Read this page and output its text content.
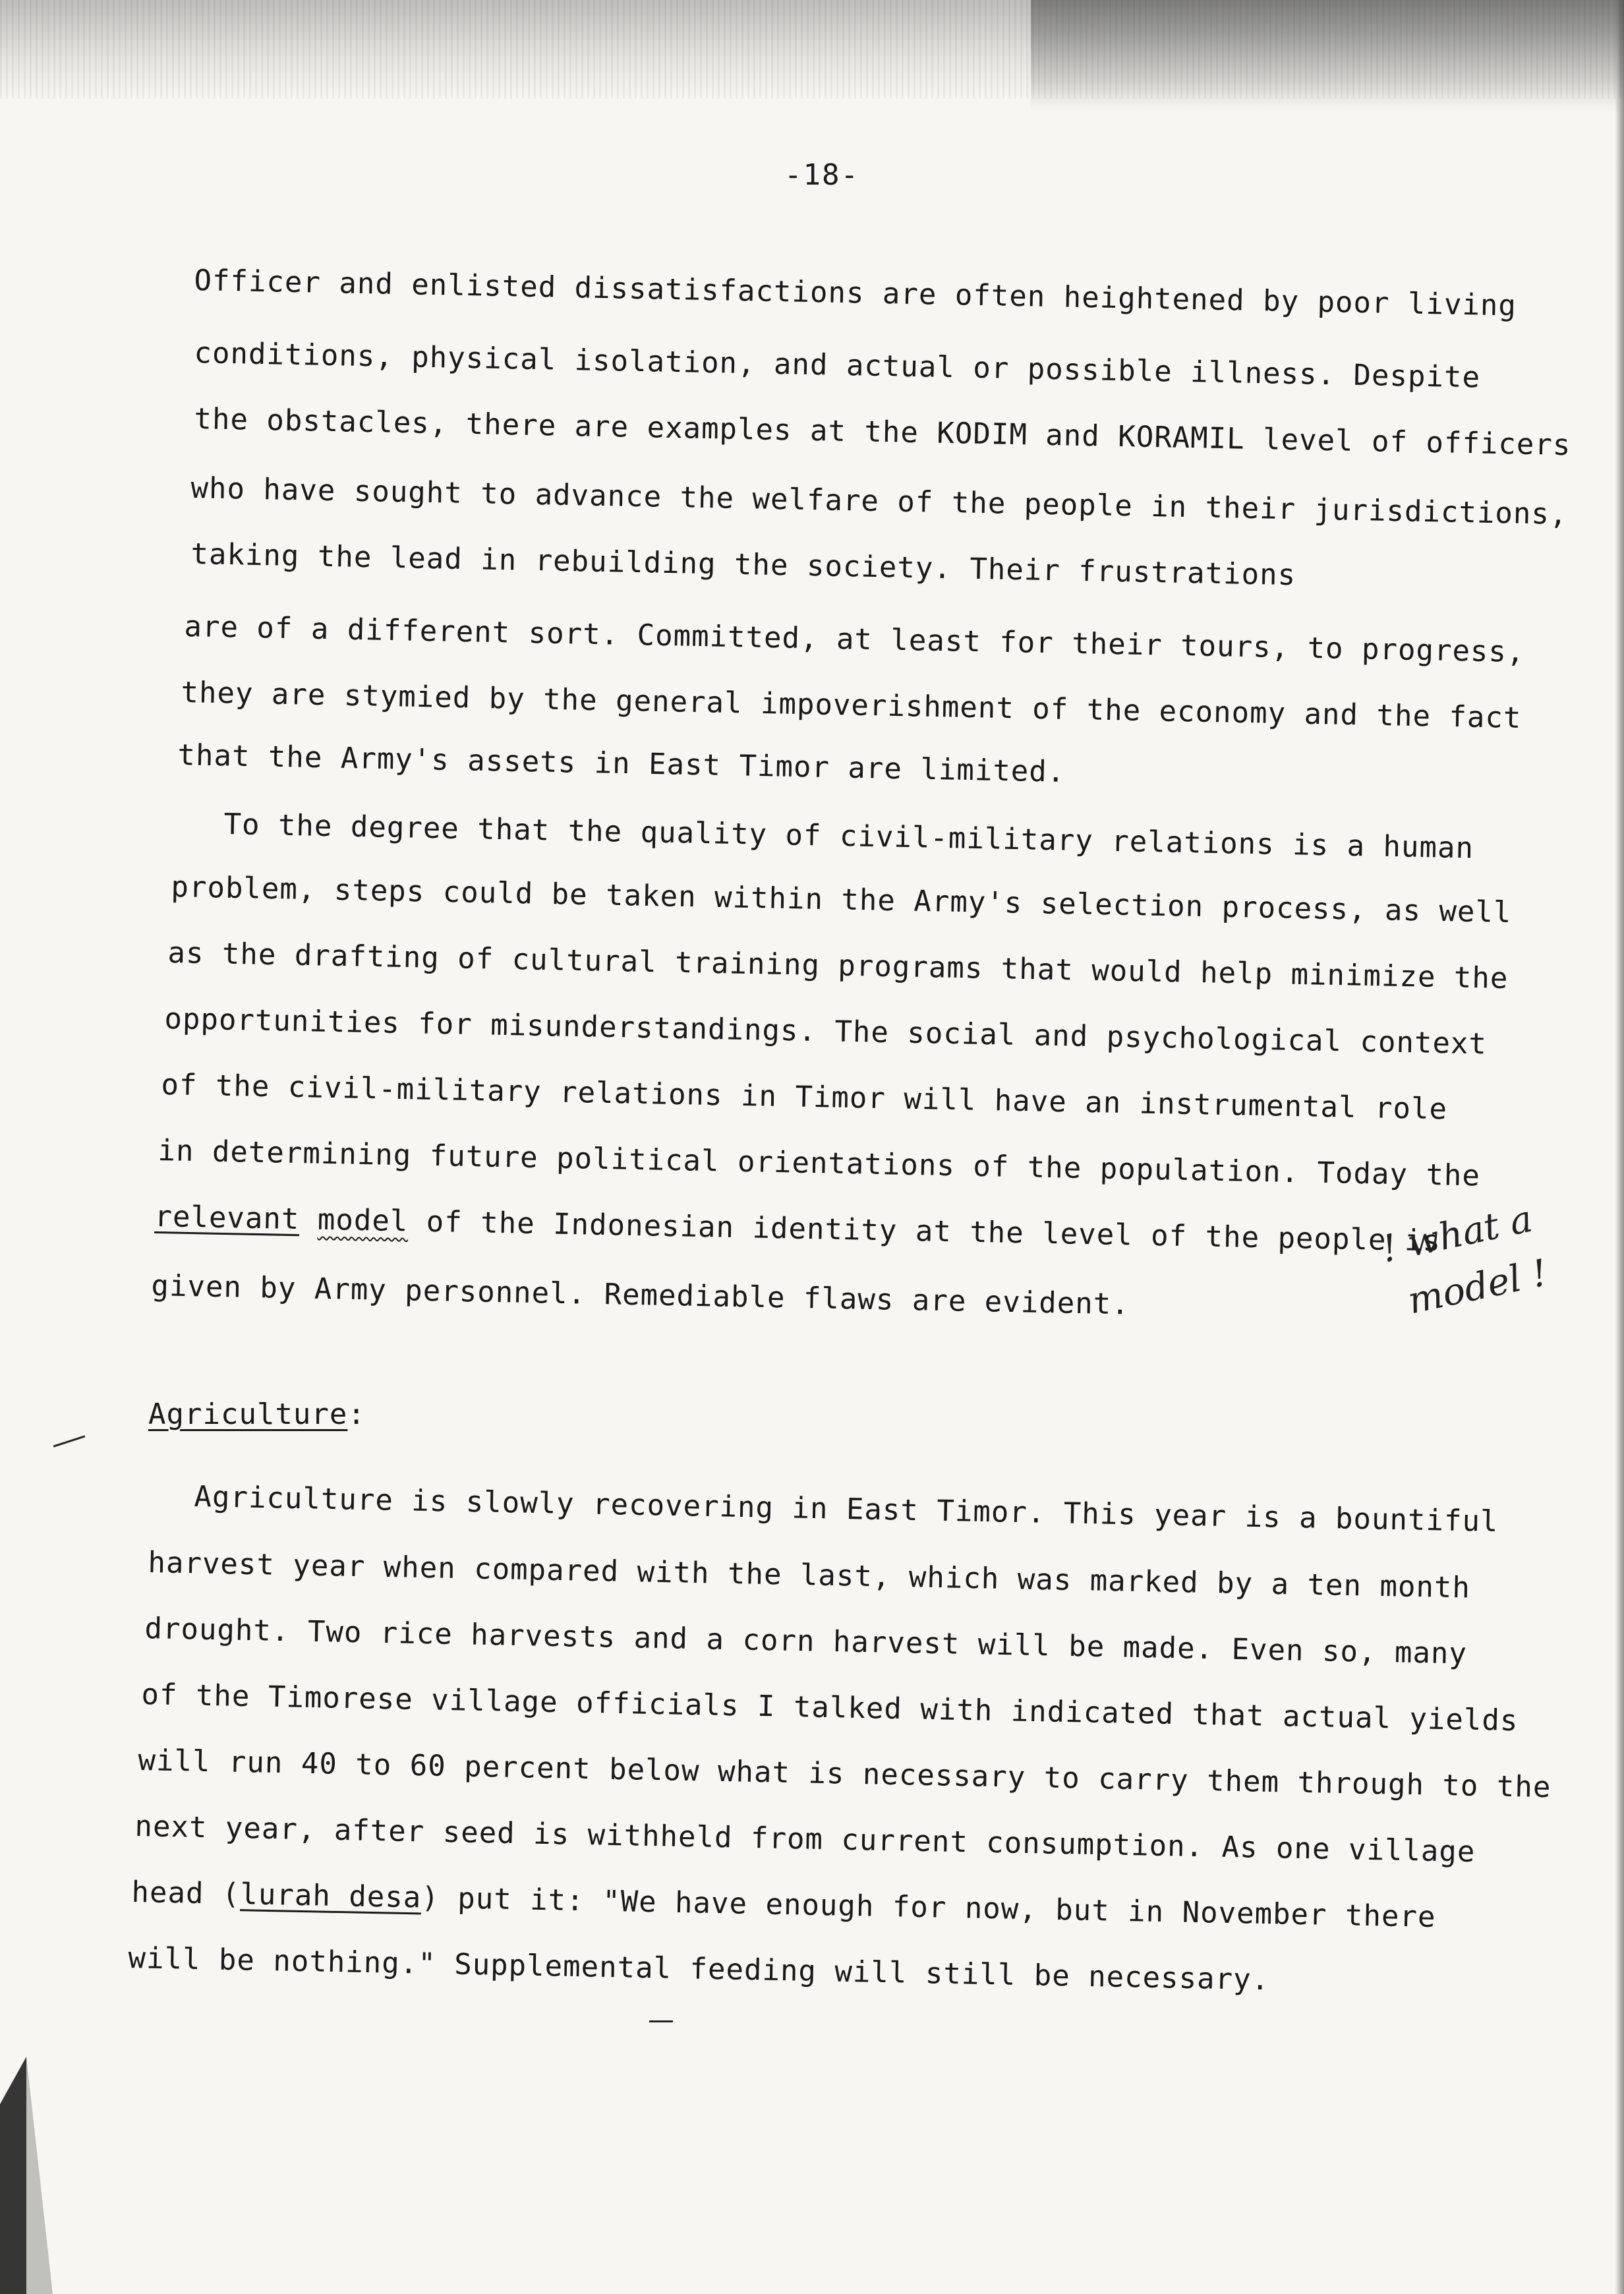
-18-
Officer and enlisted dissatisfactions are often heightened by poor living
conditions, physical isolation, and actual or possible illness. Despite
the obstacles, there are examples at the KODIM and KORAMIL level of officers
who have sought to advance the welfare of the people in their jurisdictions,
taking the lead in rebuilding the society. Their frustrations
are of a different sort. Committed, at least for their tours, to progress,
they are stymied by the general impoverishment of the economy and the fact
that the Army's assets in East Timor are limited.
To the degree that the quality of civil-military relations is a human
problem, steps could be taken within the Army's selection process, as well
as the drafting of cultural training programs that would help minimize the
opportunities for misunderstandings. The social and psychological context
of the civil-military relations in Timor will have an instrumental role
in determining future political orientations of the population. Today the
relevant model of the Indonesian identity at the level of the people is
given by Army personnel. Remediable flaws are evident.
! what a
model !
Agriculture:
Agriculture is slowly recovering in East Timor. This year is a bountiful
harvest year when compared with the last, which was marked by a ten month
drought. Two rice harvests and a corn harvest will be made. Even so, many
of the Timorese village officials I talked with indicated that actual yields
will run 40 to 60 percent below what is necessary to carry them through to the
next year, after seed is withheld from current consumption. As one village
head (lurah desa) put it: "We have enough for now, but in November there
will be nothing." Supplemental feeding will still be necessary.
